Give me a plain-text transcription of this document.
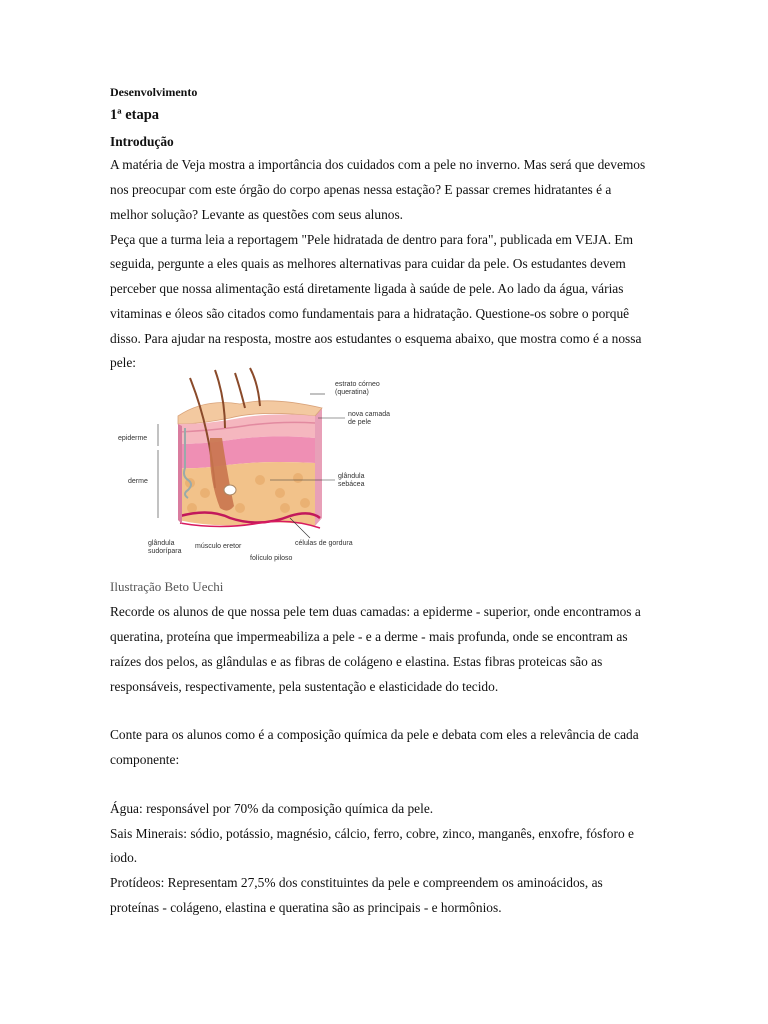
Desenvolvimento
1ª etapa
Introdução
A matéria de Veja mostra a importância dos cuidados com a pele no inverno. Mas será que devemos
nos preocupar com este órgão do corpo apenas nessa estação? E passar cremes hidratantes é a
melhor solução? Levante as questões com seus alunos.
Peça que a turma leia a reportagem "Pele hidratada de dentro para fora", publicada em VEJA. Em
seguida, pergunte a eles quais as melhores alternativas para cuidar da pele. Os estudantes devem
perceber que nossa alimentação está diretamente ligada à saúde de pele. Ao lado da água, várias
vitaminas e óleos são citados como fundamentais para a hidratação. Questione-os sobre o porquê
disso. Para ajudar na resposta, mostre aos estudantes o esquema abaixo, que mostra como é a nossa
pele:
estrato córneo
(queratina)
nova camada
de pele
epiderme
derme
glândula
sebácea
glândula
sudorípara
músculo eretor	células de gordura
folículo piloso
Ilustração Beto Uechi
Recorde os alunos de que nossa pele tem duas camadas: a epiderme - superior, onde encontramos a
queratina, proteína que impermeabiliza a pele - e a derme - mais profunda, onde se encontram as
raízes dos pelos, as glândulas e as fibras de colágeno e elastina. Estas fibras proteicas são as
responsáveis, respectivamente, pela sustentação e elasticidade do tecido.
Conte para os alunos como é a composição química da pele e debata com eles a relevância de cada
componente:
Água: responsável por 70% da composição química da pele.
Sais Minerais: sódio, potássio, magnésio, cálcio, ferro, cobre, zinco, manganês, enxofre, fósforo e
iodo.
Protídeos: Representam 27,5% dos constituintes da pele e compreendem os aminoácidos, as
proteínas - colágeno, elastina e queratina são as principais - e hormônios.
